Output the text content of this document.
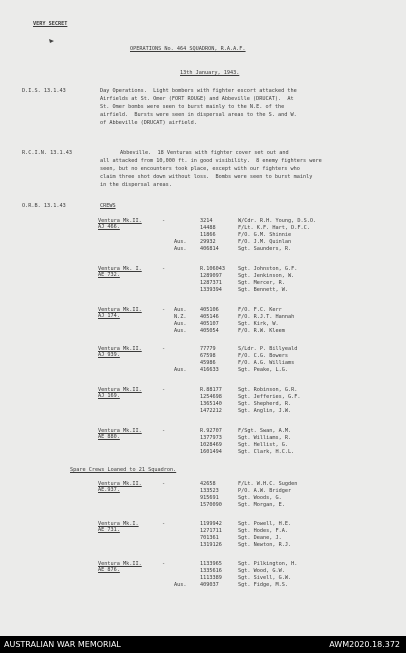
VERY SECRET
OPERATIONS No. 464 SQUADRON, R.A.A.F.
13th January, 1943.
D.I.S. 13.1.43	Day Operations.  Light bombers with fighter escort attacked the
Airfields at St. Omer (FORT ROUGE) and Abbeville (DRUCAT).  At
St. Omer bombs were seen to burst mainly to the N.E. of the
airfield.  Bursts were seen in dispersal areas to the S. and W.
of Abbeville (DRUCAT) airfield.
R.C.I.N. 13.1.43	Abbeville.  18 Venturas with fighter cover set out and
all attacked from 10,000 ft. in good visibility.  8 enemy fighters were
seen, but no encounters took place, except with our fighters who
claim three shot down without loss.  Bombs were seen to burst mainly
in the dispersal areas.
O.R.B. 13.1.43	CREWS
Ventura Mk.II.	-
AJ 466.
3214	W/Cdr. R.H. Young, D.S.O.
14488	F/Lt. K.F. Hart, D.F.C.
11866	F/O. G.M. Shinnie
Aus.	29932	F/O. J.M. Quinlan
Aus.	406814	Sgt. Saunders, R.
Ventura Mk. I.	-
AE 732.
R.106043	Sgt. Johnston, G.F.
1289097	Sgt. Jenkinson, W.
1287371	Sgt. Mercer, R.
1339394	Sgt. Bennett, W.
Ventura Mk.II.	-
AJ 174.
Aus.	405106	F/O. F.C. Kerr
N.Z.	405146	F/O. R.J.T. Hannah
Aus.	405107	Sgt. Kirk, W.
Aus.	405054	F/O. R.W. Kleem
Ventura Mk.II.	-
AJ 939.
77779	S/Ldr. P. Billyeald
67598	F/O. C.G. Bowers
45986	F/O. A.G. Williams
Aus.	416633	Sgt. Peake, L.G.
Ventura Mk.II.	-
AJ 169.
R.88177	Sgt. Robinson, G.R.
1254698	Sgt. Jefferies, G.F.
1365140	Sgt. Shepherd, R.
1472212	Sgt. Anglin, J.W.
Ventura Mk.II.	-
AE 880.
R.92707	F/Sgt. Swan, A.M.
1377973	Sgt. Williams, R.
1028469	Sgt. Hellist, G.
1601494	Sgt. Clark, H.C.L.
Spare Crews Loaned to 21 Squadron.
Ventura Mk.II.	-
AE.937.
42658	F/Lt. W.H.C. Sugden
133523	P/O. A.W. Bridger
915691	Sgt. Woods, G.
1570090	Sgt. Morgan, E.
Ventura Mk.I.	-
AE 731.
1199942	Sgt. Powell, H.E.
1271711	Sgt. Hodes, F.A.
701361	Sgt. Deane, J.
1319126	Sgt. Newton, R.J.
Ventura Mk.II.	-
AE 876.
1133965	Sgt. Pilkington, H.
1335616	Sgt. Wood, G.W.
1113389	Sgt. Sivell, G.W.
Aus.	409037	Sgt. Fidge, M.S.
AUSTRALIAN WAR MEMORIAL	AWM2020.18.372
